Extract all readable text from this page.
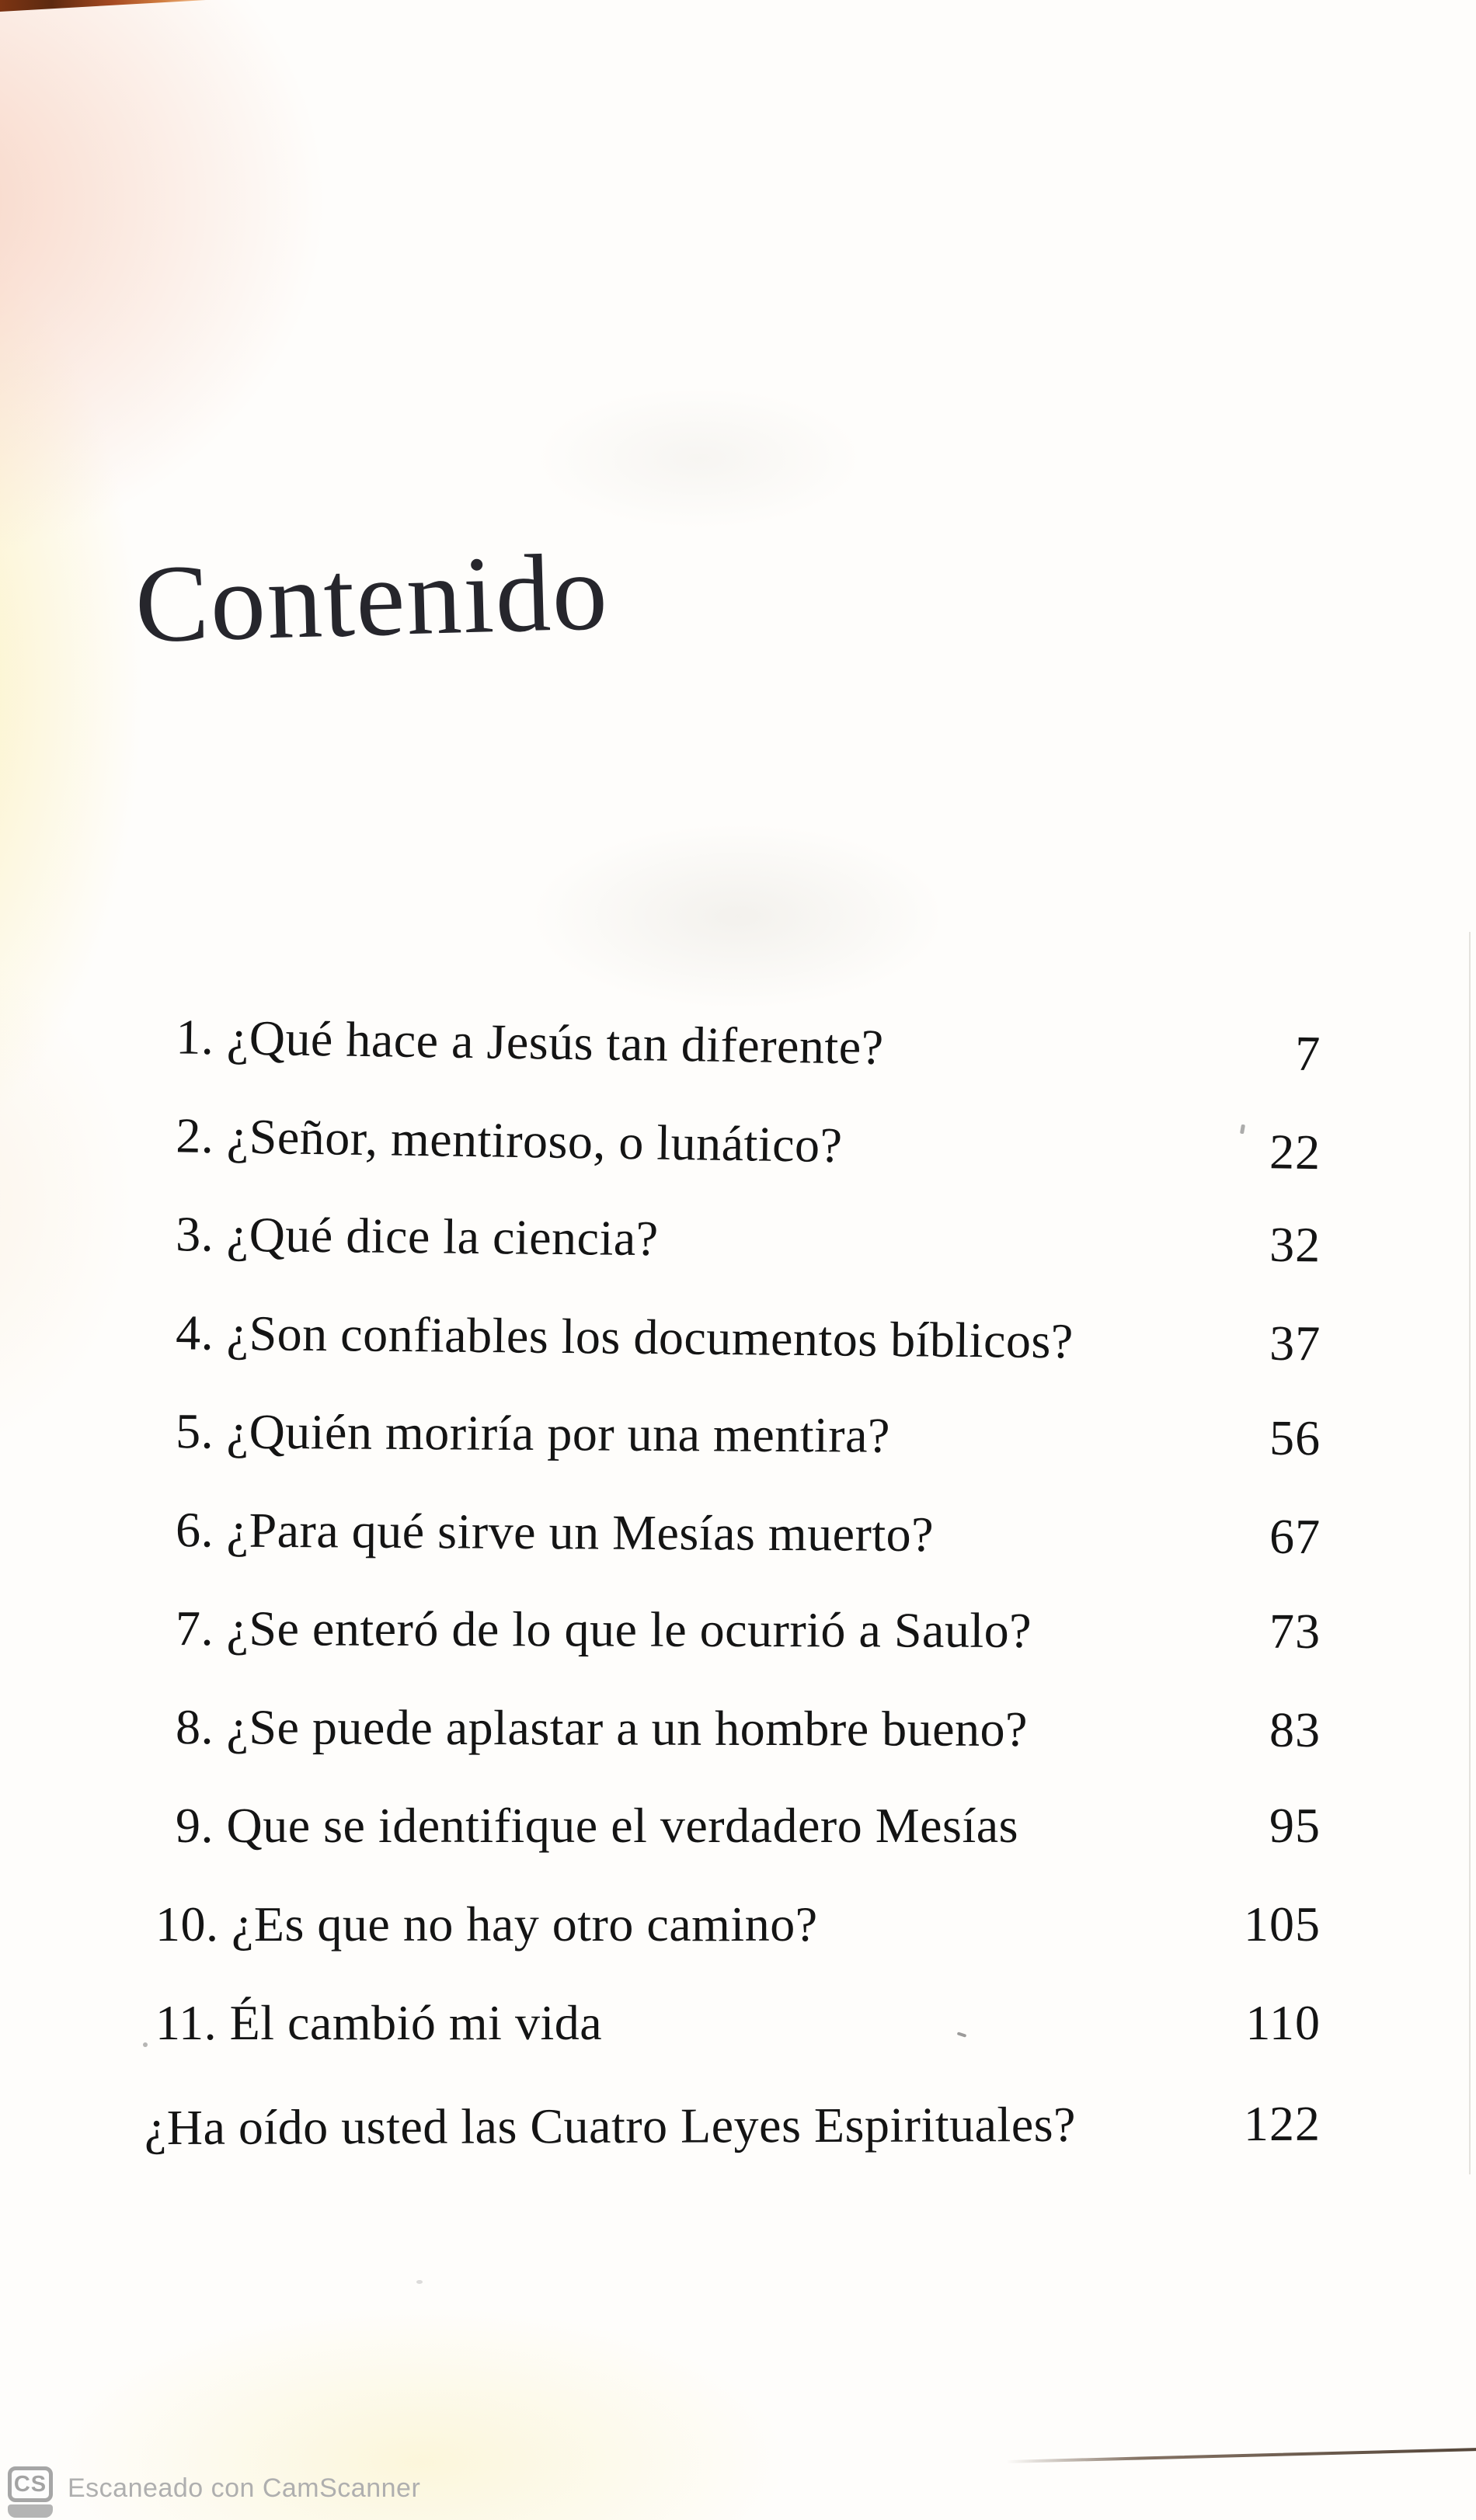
Contenido
1. ¿Qué hace a Jesús tan diferente?	7
2. ¿Señor, mentiroso, o lunático?	22
3. ¿Qué dice la ciencia?	32
4. ¿Son confiables los documentos bíblicos?	37
5. ¿Quién moriría por una mentira?	56
6. ¿Para qué sirve un Mesías muerto?	67
7. ¿Se enteró de lo que le ocurrió a Saulo?	73
8. ¿Se puede aplastar a un hombre bueno?	83
9. Que se identifique el verdadero Mesías	95
10. ¿Es que no hay otro camino?	105
11. Él cambió mi vida	110
¿Ha oído usted las Cuatro Leyes Espirituales?	122
CS Escaneado con CamScanner
